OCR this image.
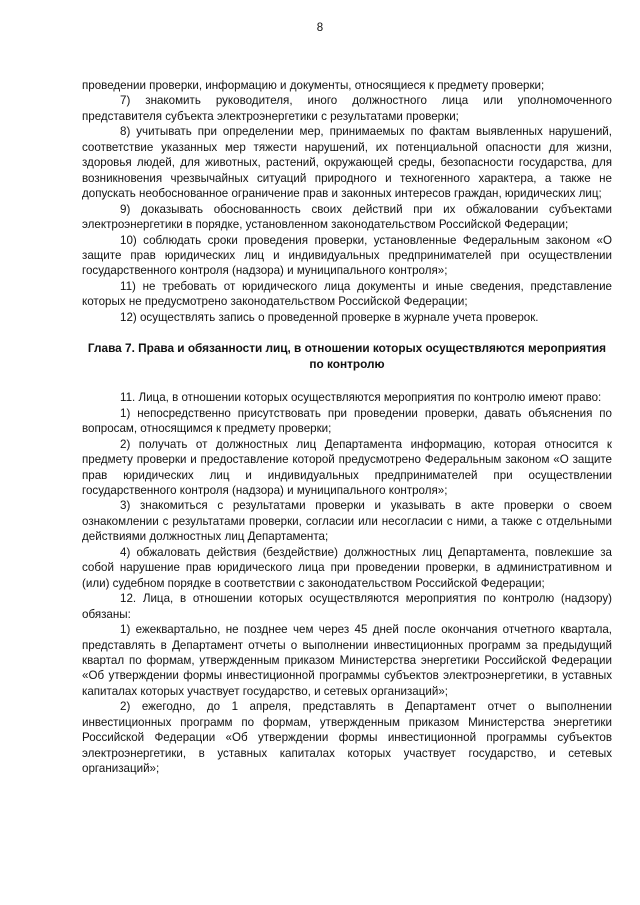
8

проведении проверки, информацию и документы, относящиеся к предмету проверки;

7) знакомить руководителя, иного должностного лица или уполномоченного представителя субъекта электроэнергетики с результатами проверки;

8) учитывать при определении мер, принимаемых по фактам выявленных нарушений, соответствие указанных мер тяжести нарушений, их потенциальной опасности для жизни, здоровья людей, для животных, растений, окружающей среды, безопасности государства, для возникновения чрезвычайных ситуаций природного и техногенного характера, а также не допускать необоснованное ограничение прав и законных интересов граждан, юридических лиц;

9) доказывать обоснованность своих действий при их обжаловании субъектами электроэнергетики в порядке, установленном законодательством Российской Федерации;

10) соблюдать сроки проведения проверки, установленные Федеральным законом «О защите прав юридических лиц и индивидуальных предпринимателей при осуществлении государственного контроля (надзора) и муниципального контроля»;

11) не требовать от юридического лица документы и иные сведения, представление которых не предусмотрено законодательством Российской Федерации;

12) осуществлять запись о проведенной проверке в журнале учета проверок.

Глава 7. Права и обязанности лиц, в отношении которых осуществляются мероприятия по контролю

11. Лица, в отношении которых осуществляются мероприятия по контролю имеют право:

1) непосредственно присутствовать при проведении проверки, давать объяснения по вопросам, относящимся к предмету проверки;

2) получать от должностных лиц Департамента информацию, которая относится к предмету проверки и предоставление которой предусмотрено Федеральным законом «О защите прав юридических лиц и индивидуальных предпринимателей при осуществлении государственного контроля (надзора) и муниципального контроля»;

3) знакомиться с результатами проверки и указывать в акте проверки о своем ознакомлении с результатами проверки, согласии или несогласии с ними, а также с отдельными действиями должностных лиц Департамента;

4) обжаловать действия (бездействие) должностных лиц Департамента, повлекшие за собой нарушение прав юридического лица при проведении проверки, в административном и (или) судебном порядке в соответствии с законодательством Российской Федерации;

12. Лица, в отношении которых осуществляются мероприятия по контролю (надзору) обязаны:

1) ежеквартально, не позднее чем через 45 дней после окончания отчетного квартала, представлять в Департамент отчеты о выполнении инвестиционных программ за предыдущий квартал по формам, утвержденным приказом Министерства энергетики Российской Федерации «Об утверждении формы инвестиционной программы субъектов электроэнергетики, в уставных капиталах которых участвует государство, и сетевых организаций»;

2) ежегодно, до 1 апреля, представлять в Департамент отчет о выполнении инвестиционных программ по формам, утвержденным приказом Министерства энергетики Российской Федерации «Об утверждении формы инвестиционной программы субъектов электроэнергетики, в уставных капиталах которых участвует государство, и сетевых организаций»;
